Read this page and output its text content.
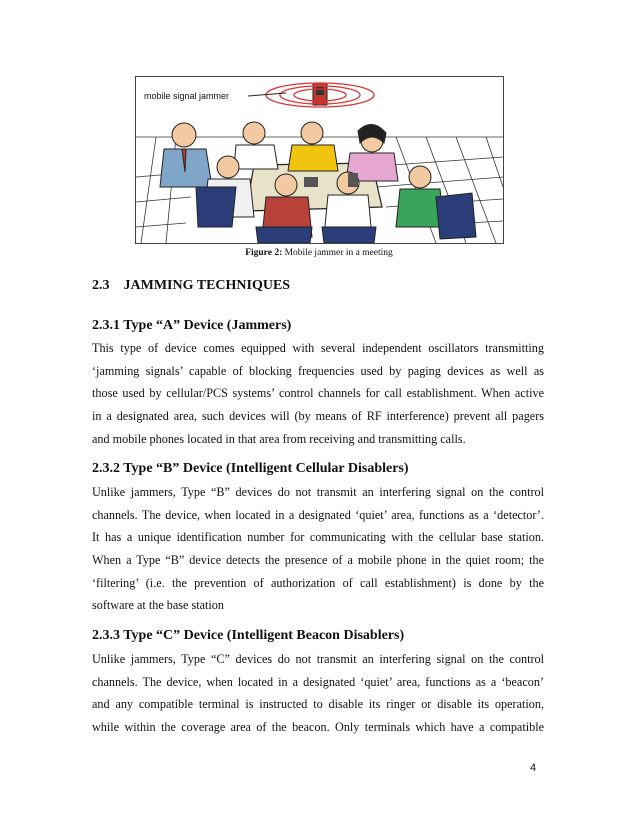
mobile signal jammer
Figure 2: Mobile jammer in a meeting
2.3 JAMMING TECHNIQUES
2.3.1 Type “A” Device (Jammers)
This type of device comes equipped with several independent oscillators transmitting
‘jamming signals’ capable of blocking frequencies used by paging devices as well as
those used by cellular/PCS systems’ control channels for call establishment. When active
in a designated area, such devices will (by means of RF interference) prevent all pagers
and mobile phones located in that area from receiving and transmitting calls.
2.3.2 Type “B” Device (Intelligent Cellular Disablers)
Unlike jammers, Type “B” devices do not transmit an interfering signal on the control
channels. The device, when located in a designated ‘quiet’ area, functions as a ‘detector’.
It has a unique identification number for communicating with the cellular base station.
When a Type “B” device detects the presence of a mobile phone in the quiet room; the
‘filtering’ (i.e. the prevention of authorization of call establishment) is done by the
software at the base station
2.3.3 Type “C” Device (Intelligent Beacon Disablers)
Unlike jammers, Type “C” devices do not transmit an interfering signal on the control
channels. The device, when located in a designated ‘quiet’ area, functions as a ‘beacon’
and any compatible terminal is instructed to disable its ringer or disable its operation,
while within the coverage area of the beacon. Only terminals which have a compatible
4
